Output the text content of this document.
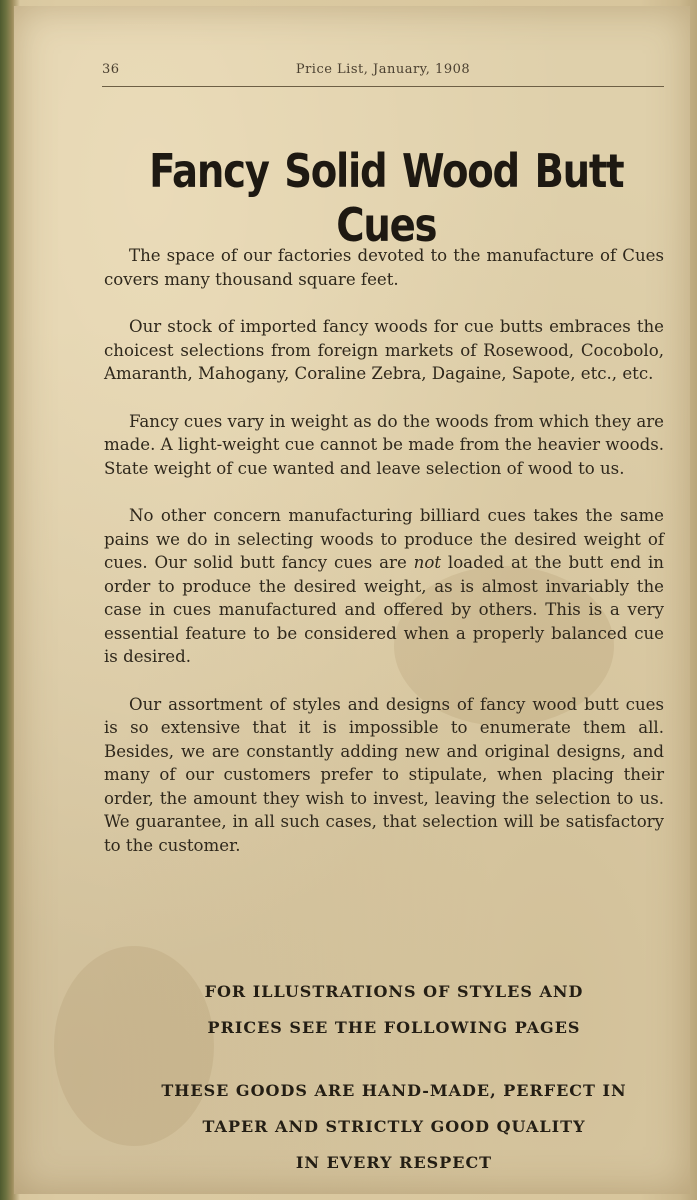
36	Price List, January, 1908
Fancy Solid Wood Butt Cues

The space of our factories devoted to the manufacture of Cues covers many thousand square feet.

Our stock of imported fancy woods for cue butts embraces the choicest selections from foreign markets of Rosewood, Cocobolo, Amaranth, Mahogany, Coraline Zebra, Dagaine, Sapote, etc., etc.

Fancy cues vary in weight as do the woods from which they are made. A light-weight cue cannot be made from the heavier woods. State weight of cue wanted and leave selection of wood to us.

No other concern manufacturing billiard cues takes the same pains we do in selecting woods to produce the desired weight of cues. Our solid butt fancy cues are not loaded at the butt end in order to produce the desired weight, as is almost invariably the case in cues manufactured and offered by others. This is a very essential feature to be considered when a properly balanced cue is desired.

Our assortment of styles and designs of fancy wood butt cues is so extensive that it is impossible to enumerate them all. Besides, we are constantly adding new and original designs, and many of our customers prefer to stipulate, when placing their order, the amount they wish to invest, leaving the selection to us. We guarantee, in all such cases, that selection will be satisfactory to the customer.

FOR ILLUSTRATIONS OF STYLES AND
PRICES SEE THE FOLLOWING PAGES
THESE GOODS ARE HAND-MADE, PERFECT IN
TAPER AND STRICTLY GOOD QUALITY
IN EVERY RESPECT
